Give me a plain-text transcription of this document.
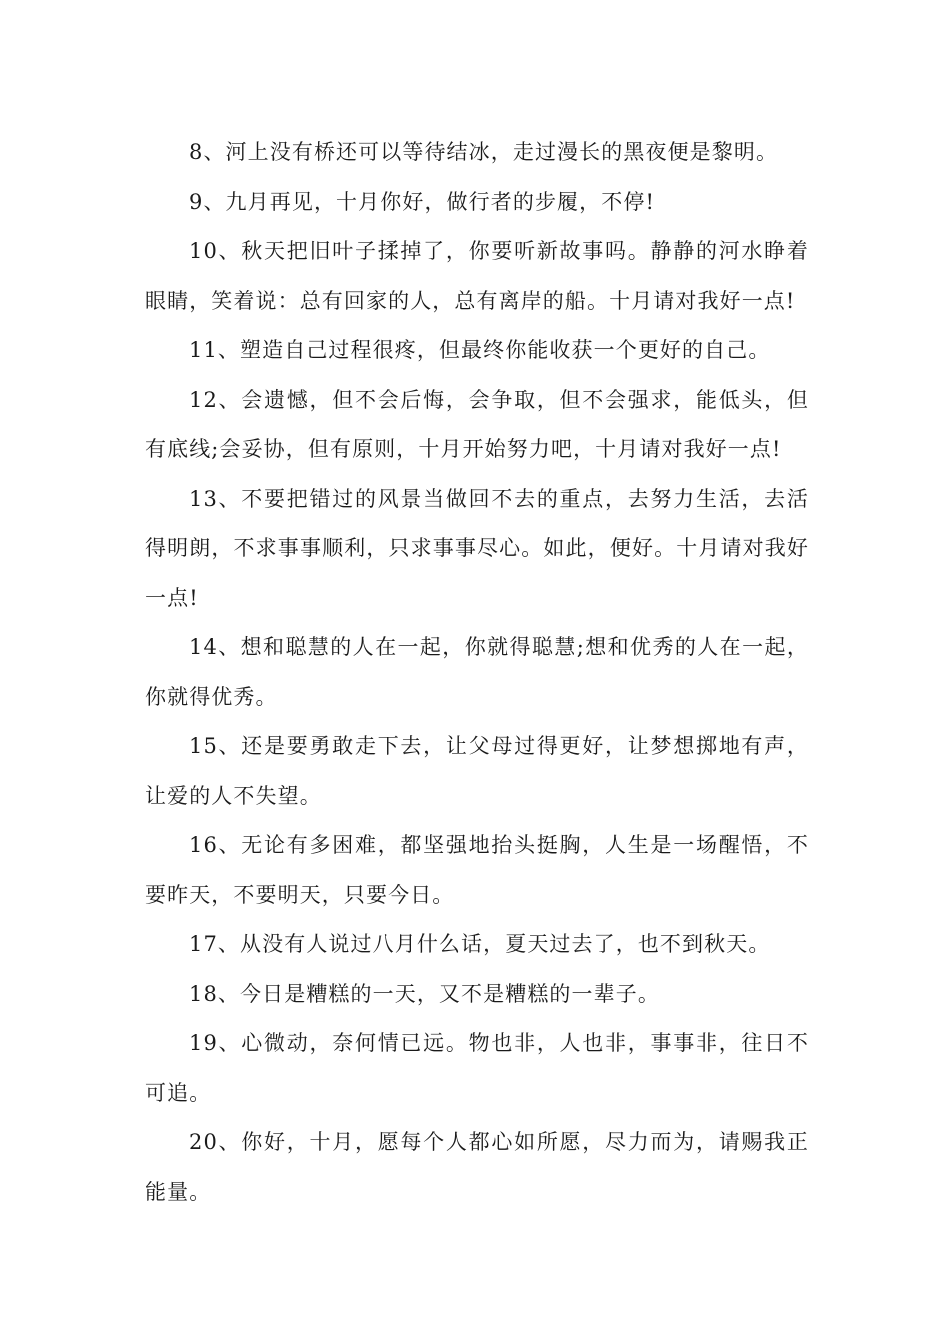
8、河上没有桥还可以等待结冰，走过漫长的黑夜便是黎明。

9、九月再见，十月你好，做行者的步履，不停!

10、秋天把旧叶子揉掉了，你要听新故事吗。静静的河水睁着眼睛，笑着说：总有回家的人，总有离岸的船。十月请对我好一点!

11、塑造自己过程很疼，但最终你能收获一个更好的自己。

12、会遗憾，但不会后悔，会争取，但不会强求，能低头，但有底线;会妥协，但有原则，十月开始努力吧，十月请对我好一点!

13、不要把错过的风景当做回不去的重点，去努力生活，去活得明朗，不求事事顺利，只求事事尽心。如此，便好。十月请对我好一点!

14、想和聪慧的人在一起，你就得聪慧;想和优秀的人在一起，你就得优秀。

15、还是要勇敢走下去，让父母过得更好，让梦想掷地有声，让爱的人不失望。

16、无论有多困难，都坚强地抬头挺胸，人生是一场醒悟，不要昨天，不要明天，只要今日。

17、从没有人说过八月什么话，夏天过去了，也不到秋天。

18、今日是糟糕的一天，又不是糟糕的一辈子。

19、心微动，奈何情已远。物也非，人也非，事事非，往日不可追。

20、你好，十月，愿每个人都心如所愿，尽力而为，请赐我正能量。
